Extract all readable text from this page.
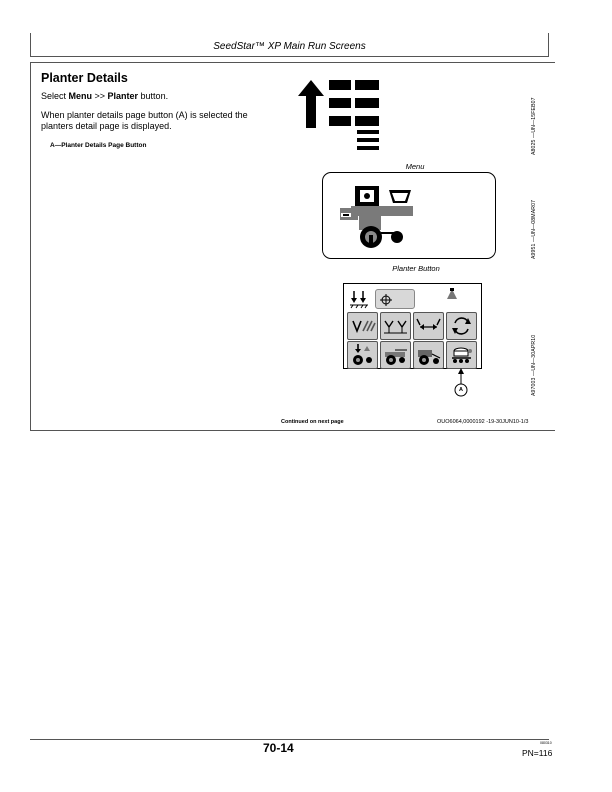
SeedStar™ XP Main Run Screens
Planter Details
Select Menu >> Planter button.
When planter details page button (A) is selected the planters detail page is displayed.
A—Planter Details Page Button	A8025 —UN—15FEB07
Menu
A9951 —UN—08MAR07
Planter Button
A	A97003 —UN—30APR10
Continued on next page	OUO6064,0000192 -19-30JUN10-1/3
70-14	080310
PN=116
